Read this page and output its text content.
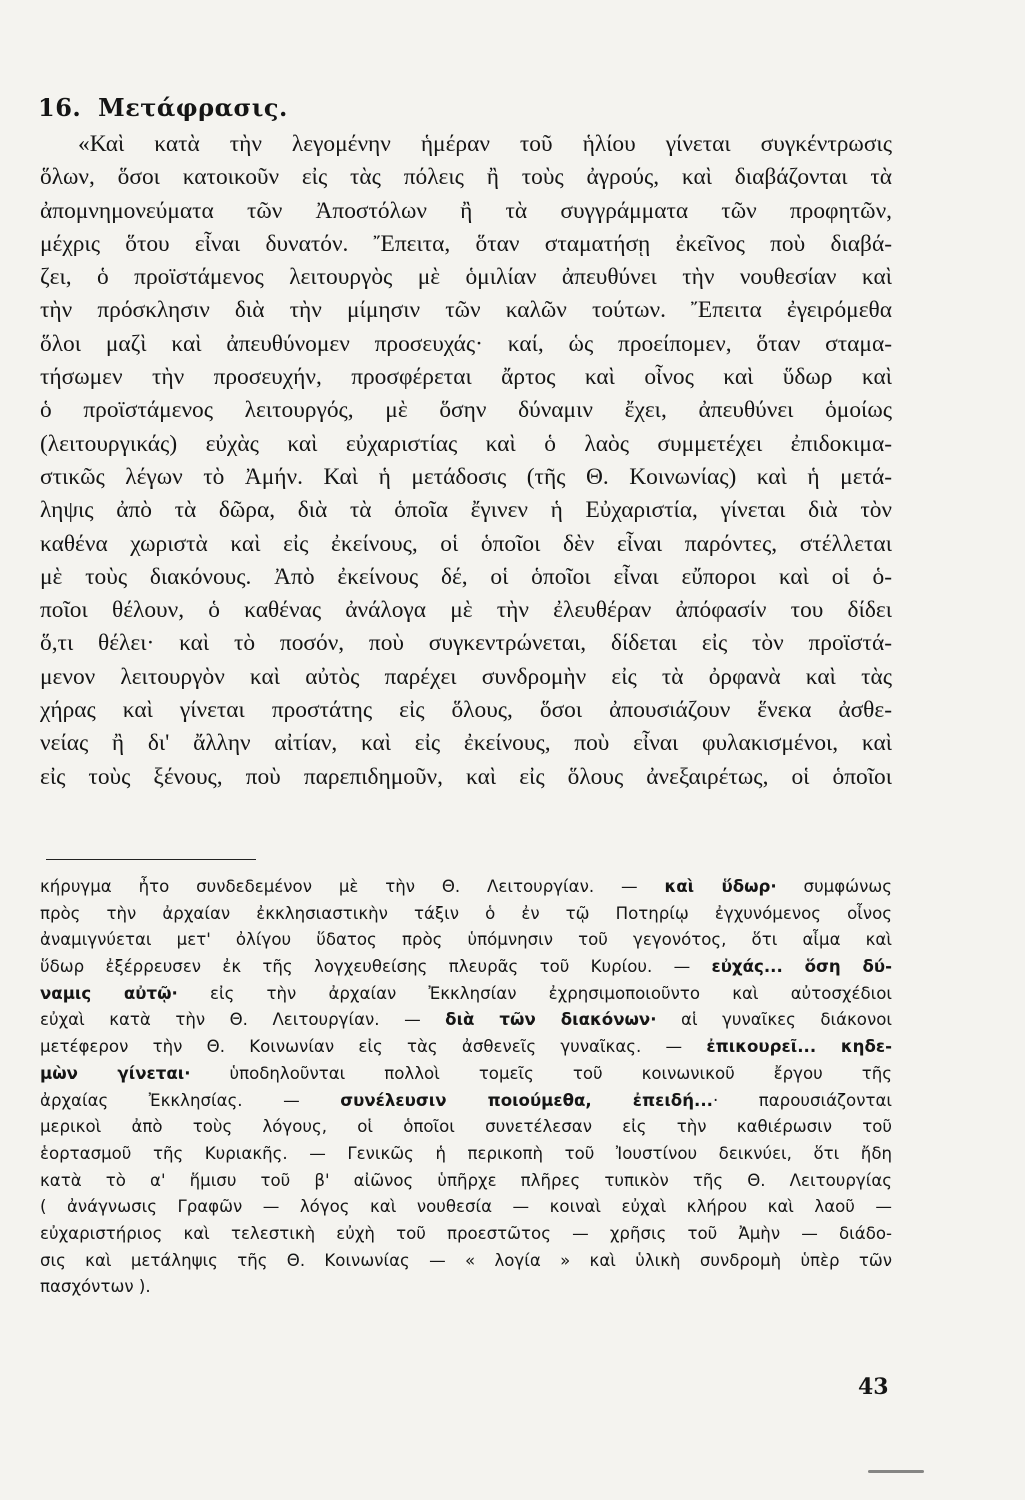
16. Μετάφρασις.
«Καὶ κατὰ τὴν λεγομένην ἡμέραν τοῦ ἡλίου γίνεται συγκέντρωσις
ὅλων, ὅσοι κατοικοῦν εἰς τὰς πόλεις ἢ τοὺς ἀγρούς, καὶ διαβάζονται τὰ
ἀπομνημονεύματα τῶν Ἀποστόλων ἢ τὰ συγγράμματα τῶν προφητῶν,
μέχρις ὅτου εἶναι δυνατόν. Ἔπειτα, ὅταν σταματήσῃ ἐκεῖνος ποὺ διαβά-
ζει, ὁ προϊστάμενος λειτουργὸς μὲ ὁμιλίαν ἀπευθύνει τὴν νουθεσίαν καὶ
τὴν πρόσκλησιν διὰ τὴν μίμησιν τῶν καλῶν τούτων. Ἔπειτα ἐγειρόμεθα
ὅλοι μαζὶ καὶ ἀπευθύνομεν προσευχάς· καί, ὡς προείπομεν, ὅταν σταμα-
τήσωμεν τὴν προσευχήν, προσφέρεται ἄρτος καὶ οἶνος καὶ ὕδωρ καὶ
ὁ προϊστάμενος λειτουργός, μὲ ὅσην δύναμιν ἔχει, ἀπευθύνει ὁμοίως
(λειτουργικάς) εὐχὰς καὶ εὐχαριστίας καὶ ὁ λαὸς συμμετέχει ἐπιδοκιμα-
στικῶς λέγων τὸ Ἀμήν. Καὶ ἡ μετάδοσις (τῆς Θ. Κοινωνίας) καὶ ἡ μετά-
ληψις ἀπὸ τὰ δῶρα, διὰ τὰ ὁποῖα ἔγινεν ἡ Εὐχαριστία, γίνεται διὰ τὸν
καθένα χωριστὰ καὶ εἰς ἐκείνους, οἱ ὁποῖοι δὲν εἶναι παρόντες, στέλλεται
μὲ τοὺς διακόνους. Ἀπὸ ἐκείνους δέ, οἱ ὁποῖοι εἶναι εὔποροι καὶ οἱ ὁ-
ποῖοι θέλουν, ὁ καθένας ἀνάλογα μὲ τὴν ἐλευθέραν ἀπόφασίν του δίδει
ὅ,τι θέλει· καὶ τὸ ποσόν, ποὺ συγκεντρώνεται, δίδεται εἰς τὸν προϊστά-
μενον λειτουργὸν καὶ αὐτὸς παρέχει συνδρομὴν εἰς τὰ ὀρφανὰ καὶ τὰς
χήρας καὶ γίνεται προστάτης εἰς ὅλους, ὅσοι ἀπουσιάζουν ἕνεκα ἀσθε-
νείας ἢ δι' ἄλλην αἰτίαν, καὶ εἰς ἐκείνους, ποὺ εἶναι φυλακισμένοι, καὶ
εἰς τοὺς ξένους, ποὺ παρεπιδημοῦν, καὶ εἰς ὅλους ἀνεξαιρέτως, οἱ ὁποῖοι
κήρυγμα ἦτο συνδεδεμένον μὲ τὴν Θ. Λειτουργίαν. — καὶ ὕδωρ· συμφώνως
πρὸς τὴν ἀρχαίαν ἐκκλησιαστικὴν τάξιν ὁ ἐν τῷ Ποτηρίῳ ἐγχυνόμενος οἶνος
ἀναμιγνύεται μετ' ὀλίγου ὕδατος πρὸς ὑπόμνησιν τοῦ γεγονότος, ὅτι αἷμα καὶ
ὕδωρ ἐξέρρευσεν ἐκ τῆς λογχευθείσης πλευρᾶς τοῦ Κυρίου. — εὐχάς... ὅση δύ-
ναμις αὐτῷ· εἰς τὴν ἀρχαίαν Ἐκκλησίαν ἐχρησιμοποιοῦντο καὶ αὐτοσχέδιοι
εὐχαὶ κατὰ τὴν Θ. Λειτουργίαν. — διὰ τῶν διακόνων· αἱ γυναῖκες διάκονοι
μετέφερον τὴν Θ. Κοινωνίαν εἰς τὰς ἀσθενεῖς γυναῖκας. — ἐπικουρεῖ... κηδε-
μὼν γίνεται· ὑποδηλοῦνται πολλοὶ τομεῖς τοῦ κοινωνικοῦ ἔργου τῆς
ἀρχαίας Ἐκκλησίας. — συνέλευσιν ποιούμεθα, ἐπειδή...· παρουσιάζονται
μερικοὶ ἀπὸ τοὺς λόγους, οἱ ὁποῖοι συνετέλεσαν εἰς τὴν καθιέρωσιν τοῦ
ἑορτασμοῦ τῆς Κυριακῆς. — Γενικῶς ἡ περικοπὴ τοῦ Ἰουστίνου δεικνύει, ὅτι ἤδη
κατὰ τὸ α' ἥμισυ τοῦ β' αἰῶνος ὑπῆρχε πλῆρες τυπικὸν τῆς Θ. Λειτουργίας
( ἀνάγνωσις Γραφῶν — λόγος καὶ νουθεσία — κοιναὶ εὐχαὶ κλήρου καὶ λαοῦ —
εὐχαριστήριος καὶ τελεστικὴ εὐχὴ τοῦ προεστῶτος — χρῆσις τοῦ Ἀμὴν — διάδο-
σις καὶ μετάληψις τῆς Θ. Κοινωνίας — « λογία » καὶ ὑλικὴ συνδρομὴ ὑπὲρ τῶν
πασχόντων ).
43
